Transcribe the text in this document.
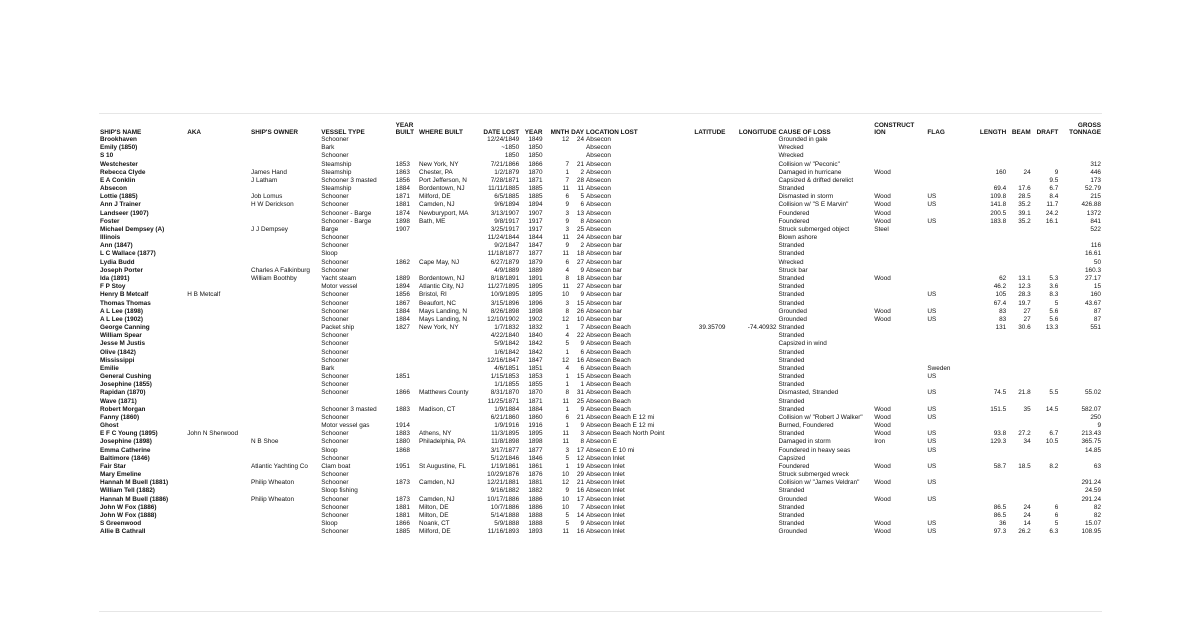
SHIP'S NAME	AKA	SHIP'S OWNER	VESSEL TYPE	YEAR BUILT	WHERE BUILT	DATE LOST	YEAR	MNTH	DAY	LOCATION LOST	LATITUDE	LONGITUDE	CAUSE OF LOSS	CONSTRUCT ION	FLAG	LENGTH	BEAM	DRAFT	GROSS TONNAGE
Brookhaven			Schooner			12/24/1849	1849	12	24	Absecon			Grounded in gale						
Emily (1850)			Bark			~1850	1850			Absecon			Wrecked						
S 10			Schooner			1850	1850			Absecon			Wrecked						
Westchester			Steamship	1853	New York, NY	7/21/1866	1866	7	21	Absecon			Collision w/ "Peconic"						312
Rebecca Clyde		James Hand	Steamship	1863	Chester, PA	1/2/1879	1870	1	2	Absecon			Damaged in hurricane	Wood		160	24	9	446
E A Conklin		J Latham	Schooner 3 masted	1856	Port Jefferson, N	7/28/1871	1871	7	28	Absecon			Capsized & drifted derelict					9.5	173
Absecon			Steamship	1884	Bordentown, NJ	11/11/1885	1885	11	11	Absecon			Stranded			69.4	17.6	6.7	52.79
Lottie (1885)		Job Lomus	Schooner	1871	Milford, DE	6/5/1885	1885	6	5	Absecon			Dismasted in storm	Wood	US	109.8	28.5	8.4	215
Ann J Trainer		H W Derickson	Schooner	1881	Camden, NJ	9/6/1894	1894	9	6	Absecon			Collision w/ "S E Marvin"	Wood	US	141.8	35.2	11.7	426.88
Landseer (1907)			Schooner - Barge	1874	Newburyport, MA	3/13/1907	1907	3	13	Absecon			Foundered	Wood		200.5	39.1	24.2	1372
Foster			Schooner - Barge	1898	Bath, ME	9/8/1917	1917	9	8	Absecon			Foundered	Wood	US	183.8	35.2	16.1	841
Michael Dempsey (A)		J J Dempsey	Barge	1907		3/25/1917	1917	3	25	Absecon			Struck submerged object	Steel					522
Illinois			Schooner			11/24/1844	1844	11	24	Absecon bar			Blown ashore						
Ann (1847)			Schooner			9/2/1847	1847	9	2	Absecon bar			Stranded						116
L C Wallace (1877)			Sloop			11/18/1877	1877	11	18	Absecon bar			Stranded						16.61
Lydia Budd			Schooner	1862	Cape May, NJ	6/27/1879	1879	6	27	Absecon bar			Wrecked						50
Joseph Porter		Charles A Falkinburg	Schooner			4/9/1889	1889	4	9	Absecon bar			Struck bar						160.3
Ida (1891)		William Boothby	Yacht steam	1889	Bordentown, NJ	8/18/1891	1891	8	18	Absecon bar			Stranded	Wood		62	13.1	5.3	27.17
F P Stoy			Motor vessel	1894	Atlantic City, NJ	11/27/1895	1895	11	27	Absecon bar			Stranded			46.2	12.3	3.6	15
Henry B Metcalf	H B Metcalf		Schooner	1856	Bristol, RI	10/9/1895	1895	10	9	Absecon bar			Stranded		US	105	28.3	8.3	160
Thomas Thomas			Schooner	1867	Beaufort, NC	3/15/1896	1896	3	15	Absecon bar			Stranded			67.4	19.7	5	43.67
A L Lee (1898)			Schooner	1884	Mays Landing, N	8/26/1898	1898	8	26	Absecon bar			Grounded	Wood	US	83	27	5.6	87
A L Lee (1902)			Schooner	1884	Mays Landing, N	12/10/1902	1902	12	10	Absecon bar			Grounded	Wood	US	83	27	5.6	87
George Canning			Packet ship	1827	New York, NY	1/7/1832	1832	1	7	Absecon Beach	39.35709	-74.40932	Stranded			131	30.6	13.3	551
William Spear			Schooner			4/22/1840	1840	4	22	Absecon Beach			Stranded						
Jesse M Justis			Schooner			5/9/1842	1842	5	9	Absecon Beach			Capsized in wind						
Olive (1842)			Schooner			1/6/1842	1842	1	6	Absecon Beach			Stranded						
Mississippi			Schooner			12/16/1847	1847	12	16	Absecon Beach			Stranded						
Emilie			Bark			4/6/1851	1851	4	6	Absecon Beach			Stranded		Sweden				
General Cushing			Schooner	1851		1/15/1853	1853	1	15	Absecon Beach			Stranded		US				
Josephine (1855)			Schooner			1/1/1855	1855	1	1	Absecon Beach			Stranded						
Rapidan (1870)			Schooner	1866	Matthews County	8/31/1870	1870	8	31	Absecon Beach			Dismasted, Stranded		US	74.5	21.8	5.5	55.02
Wave (1871)						11/25/1871	1871	11	25	Absecon Beach			Stranded						
Robert Morgan			Schooner 3 masted	1883	Madison, CT	1/9/1884	1884	1	9	Absecon Beach			Stranded	Wood	US	151.5	35	14.5	582.07
Fanny (1860)			Schooner			6/21/1860	1860	6	21	Absecon Beach E 12 mi			Collision w/ "Robert J Walker"	Wood	US				250
Ghost			Motor vessel gas	1914		1/9/1916	1916	1	9	Absecon Beach E 12 mi			Burned, Foundered	Wood					9
E F C Young (1895)	John N Sherwood		Schooner	1883	Athens, NY	11/3/1895	1895	11	3	Absecon Beach North Point			Stranded	Wood	US	93.8	27.2	6.7	213.43
Josephine (1898)		N B Shoe	Schooner	1880	Philadelphia, PA	11/8/1898	1898	11	8	Absecon E			Damaged in storm	Iron	US	129.3	34	10.5	365.75
Emma Catherine			Sloop	1868		3/17/1877	1877	3	17	Absecon E 10 mi			Foundered in heavy seas		US				14.85
Baltimore (1846)			Schooner			5/12/1846	1846	5	12	Absecon Inlet			Capsized						
Fair Star		Atlantic Yachting Co	Clam boat	1951	St Augustine, FL	1/19/1861	1861	1	19	Absecon Inlet			Foundered	Wood	US	58.7	18.5	8.2	63
Mary Emeline			Schooner			10/29/1876	1876	10	29	Absecon Inlet			Struck submerged wreck						
Hannah M Buell (1881)		Philip Wheaton	Schooner	1873	Camden, NJ	12/21/1881	1881	12	21	Absecon Inlet			Collision w/ "James Veldran"	Wood	US				291.24
William Tell (1882)			Sloop fishing			9/16/1882	1882	9	16	Absecon Inlet			Stranded						24.59
Hannah M Buell (1886)		Philip Wheaton	Schooner	1873	Camden, NJ	10/17/1886	1886	10	17	Absecon Inlet			Grounded	Wood	US				291.24
John W Fox (1886)			Schooner	1881	Milton, DE	10/7/1886	1886	10	7	Absecon Inlet			Stranded			86.5	24	6	82
John W Fox (1888)			Schooner	1881	Milton, DE	5/14/1888	1888	5	14	Absecon Inlet			Stranded			86.5	24	6	82
S Greenwood			Sloop	1866	Noank, CT	5/9/1888	1888	5	9	Absecon Inlet			Stranded	Wood	US	36	14	5	15.07
Allie B Cathrall			Schooner	1885	Milford, DE	11/16/1893	1893	11	16	Absecon Inlet			Grounded	Wood	US	97.3	26.2	6.3	108.95
